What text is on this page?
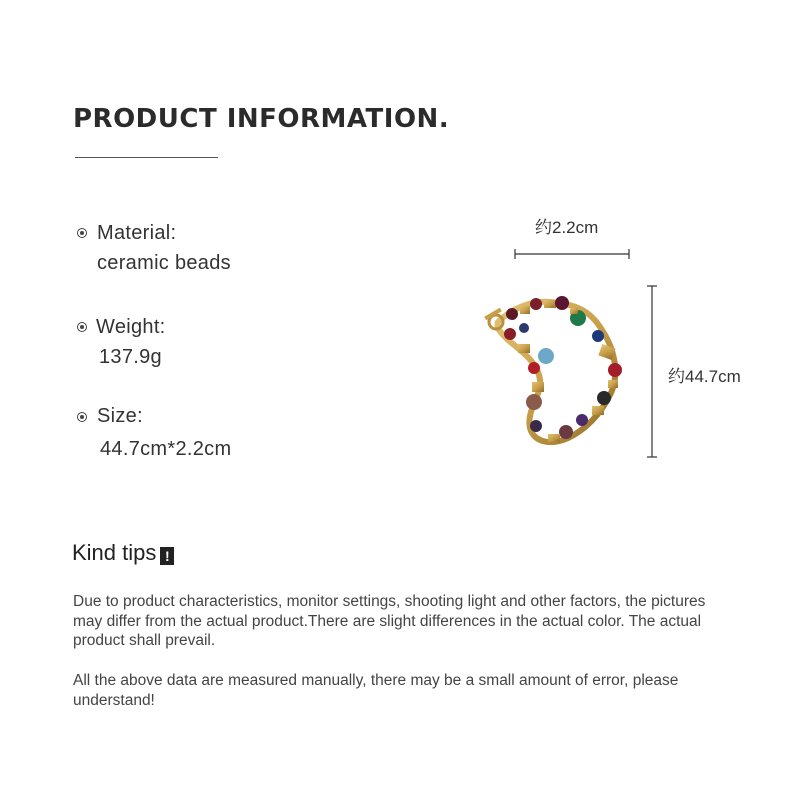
PRODUCT INFORMATION.
Material:
ceramic beads
Weight:
137.9g
Size:
44.7cm*2.2cm
约2.2cm
约44.7cm
Kind tips !

Due to product characteristics, monitor settings, shooting light and other factors, the pictures may differ from the actual product.There are slight differences in the actual color. The actual product shall prevail.

All the above data are measured manually, there may be a small amount of error, please understand!
